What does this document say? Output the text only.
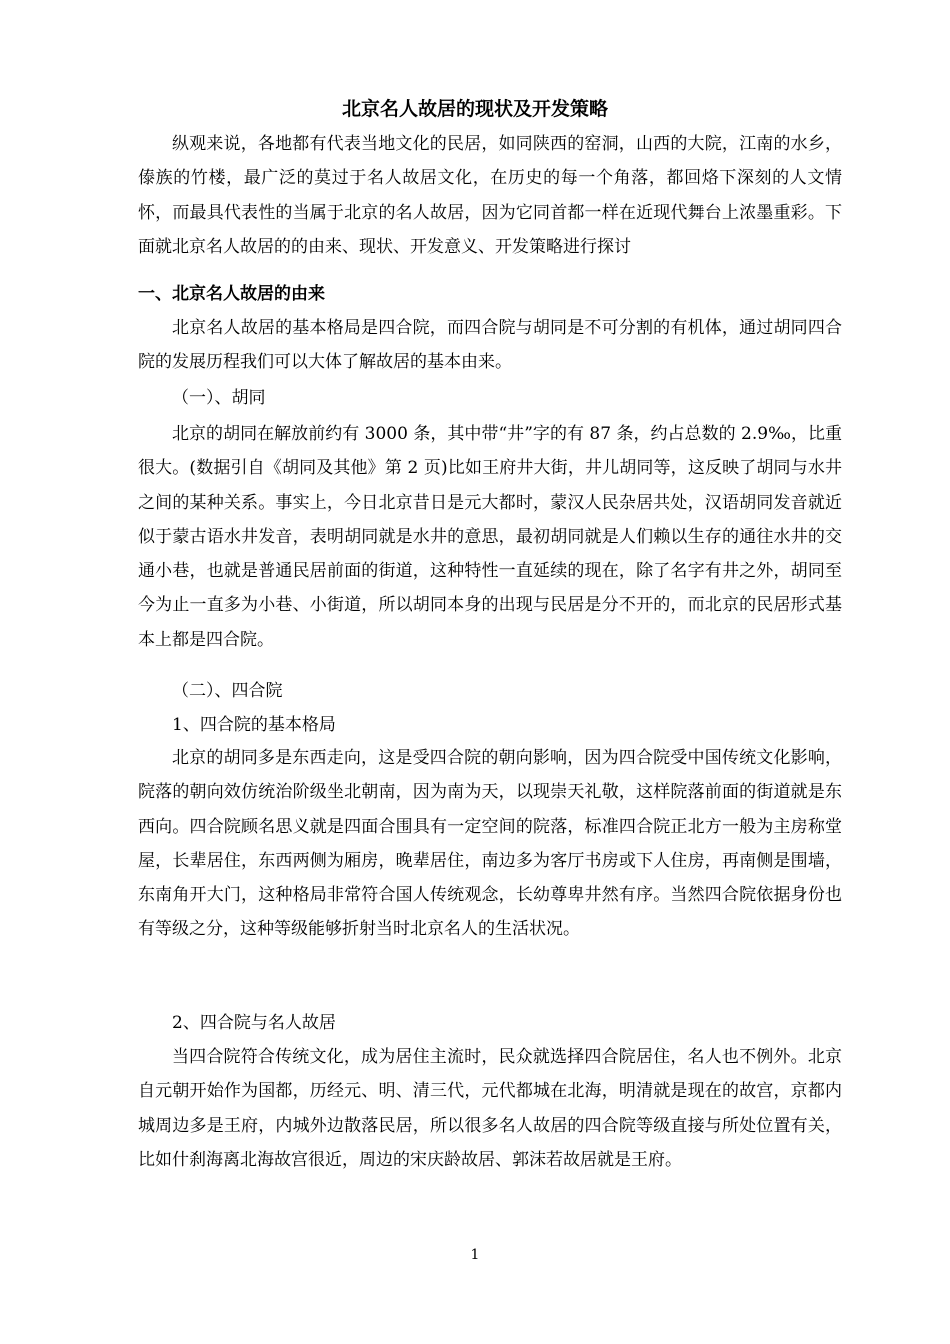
北京名人故居的现状及开发策略

纵观来说，各地都有代表当地文化的民居，如同陕西的窑洞，山西的大院，江南的水乡，傣族的竹楼，最广泛的莫过于名人故居文化，在历史的每一个角落，都回烙下深刻的人文情怀，而最具代表性的当属于北京的名人故居，因为它同首都一样在近现代舞台上浓墨重彩。下面就北京名人故居的的由来、现状、开发意义、开发策略进行探讨

一、北京名人故居的由来

北京名人故居的基本格局是四合院，而四合院与胡同是不可分割的有机体，通过胡同四合院的发展历程我们可以大体了解故居的基本由来。

（一）、胡同

北京的胡同在解放前约有 3000 条，其中带“井”字的有 87 条，约占总数的 2.9‰，比重很大。(数据引自《胡同及其他》第 2 页)比如王府井大街，井儿胡同等，这反映了胡同与水井之间的某种关系。事实上，今日北京昔日是元大都时，蒙汉人民杂居共处，汉语胡同发音就近似于蒙古语水井发音，表明胡同就是水井的意思，最初胡同就是人们赖以生存的通往水井的交通小巷，也就是普通民居前面的街道，这种特性一直延续的现在，除了名字有井之外，胡同至今为止一直多为小巷、小街道，所以胡同本身的出现与民居是分不开的，而北京的民居形式基本上都是四合院。

（二）、四合院

1、四合院的基本格局

北京的胡同多是东西走向，这是受四合院的朝向影响，因为四合院受中国传统文化影响，院落的朝向效仿统治阶级坐北朝南，因为南为天，以现崇天礼敬，这样院落前面的街道就是东西向。四合院顾名思义就是四面合围具有一定空间的院落，标准四合院正北方一般为主房称堂屋，长辈居住，东西两侧为厢房，晚辈居住，南边多为客厅书房或下人住房，再南侧是围墙，东南角开大门，这种格局非常符合国人传统观念，长幼尊卑井然有序。当然四合院依据身份也有等级之分，这种等级能够折射当时北京名人的生活状况。

2、四合院与名人故居

当四合院符合传统文化，成为居住主流时，民众就选择四合院居住，名人也不例外。北京自元朝开始作为国都，历经元、明、清三代，元代都城在北海，明清就是现在的故宫，京都内城周边多是王府，内城外边散落民居，所以很多名人故居的四合院等级直接与所处位置有关，比如什刹海离北海故宫很近，周边的宋庆龄故居、郭沫若故居就是王府。

1
